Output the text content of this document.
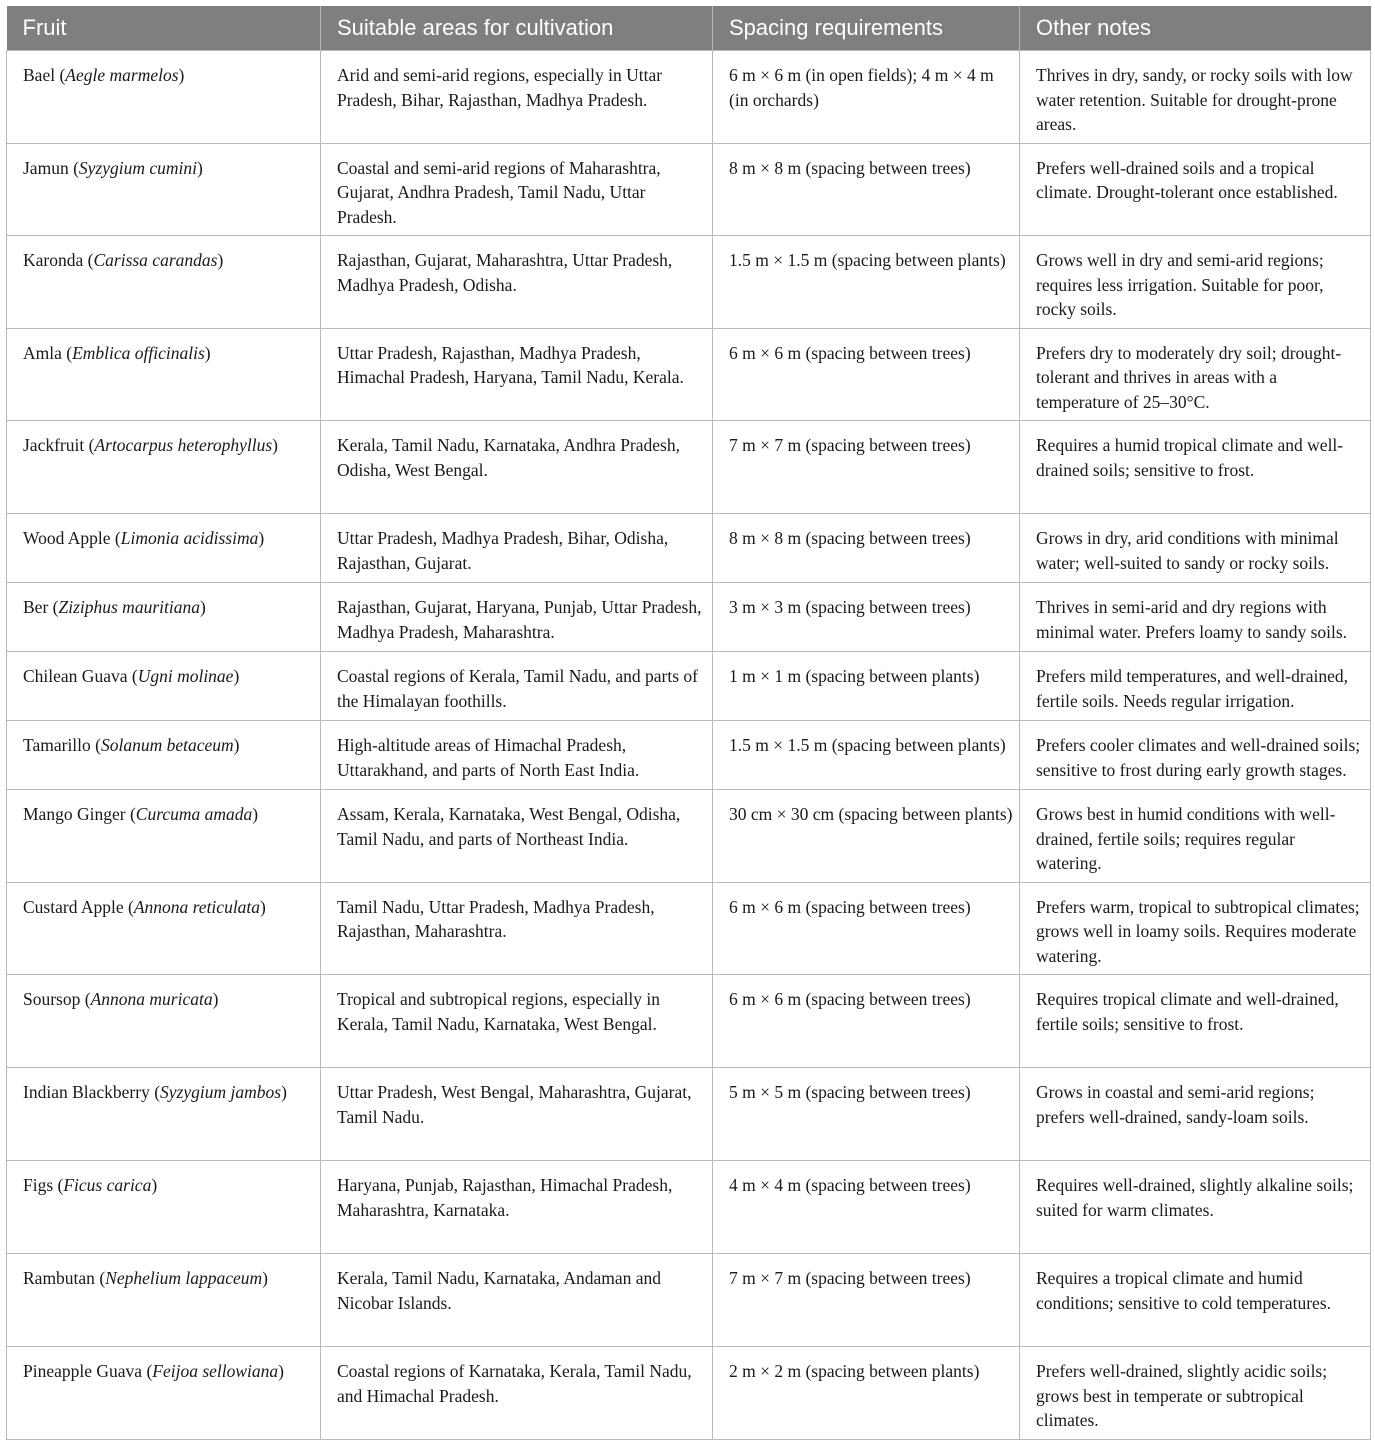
Fruit	Suitable areas for cultivation	Spacing requirements	Other notes
Bael (Aegle marmelos)	Arid and semi-arid regions, especially in Uttar Pradesh, Bihar, Rajasthan, Madhya Pradesh.	6 m × 6 m (in open fields); 4 m × 4 m (in orchards)	Thrives in dry, sandy, or rocky soils with low water retention. Suitable for drought-prone areas.
Jamun (Syzygium cumini)	Coastal and semi-arid regions of Maharashtra, Gujarat, Andhra Pradesh, Tamil Nadu, Uttar Pradesh.	8 m × 8 m (spacing between trees)	Prefers well-drained soils and a tropical climate. Drought-tolerant once established.
Karonda (Carissa carandas)	Rajasthan, Gujarat, Maharashtra, Uttar Pradesh, Madhya Pradesh, Odisha.	1.5 m × 1.5 m (spacing between plants)	Grows well in dry and semi-arid regions; requires less irrigation. Suitable for poor, rocky soils.
Amla (Emblica officinalis)	Uttar Pradesh, Rajasthan, Madhya Pradesh, Himachal Pradesh, Haryana, Tamil Nadu, Kerala.	6 m × 6 m (spacing between trees)	Prefers dry to moderately dry soil; drought-tolerant and thrives in areas with a temperature of 25–30°C.
Jackfruit (Artocarpus heterophyllus)	Kerala, Tamil Nadu, Karnataka, Andhra Pradesh, Odisha, West Bengal.	7 m × 7 m (spacing between trees)	Requires a humid tropical climate and well-drained soils; sensitive to frost.
Wood Apple (Limonia acidissima)	Uttar Pradesh, Madhya Pradesh, Bihar, Odisha, Rajasthan, Gujarat.	8 m × 8 m (spacing between trees)	Grows in dry, arid conditions with minimal water; well-suited to sandy or rocky soils.
Ber (Ziziphus mauritiana)	Rajasthan, Gujarat, Haryana, Punjab, Uttar Pradesh, Madhya Pradesh, Maharashtra.	3 m × 3 m (spacing between trees)	Thrives in semi-arid and dry regions with minimal water. Prefers loamy to sandy soils.
Chilean Guava (Ugni molinae)	Coastal regions of Kerala, Tamil Nadu, and parts of the Himalayan foothills.	1 m × 1 m (spacing between plants)	Prefers mild temperatures, and well-drained, fertile soils. Needs regular irrigation.
Tamarillo (Solanum betaceum)	High-altitude areas of Himachal Pradesh, Uttarakhand, and parts of North East India.	1.5 m × 1.5 m (spacing between plants)	Prefers cooler climates and well-drained soils; sensitive to frost during early growth stages.
Mango Ginger (Curcuma amada)	Assam, Kerala, Karnataka, West Bengal, Odisha, Tamil Nadu, and parts of Northeast India.	30 cm × 30 cm (spacing between plants)	Grows best in humid conditions with well-drained, fertile soils; requires regular watering.
Custard Apple (Annona reticulata)	Tamil Nadu, Uttar Pradesh, Madhya Pradesh, Rajasthan, Maharashtra.	6 m × 6 m (spacing between trees)	Prefers warm, tropical to subtropical climates; grows well in loamy soils. Requires moderate watering.
Soursop (Annona muricata)	Tropical and subtropical regions, especially in Kerala, Tamil Nadu, Karnataka, West Bengal.	6 m × 6 m (spacing between trees)	Requires tropical climate and well-drained, fertile soils; sensitive to frost.
Indian Blackberry (Syzygium jambos)	Uttar Pradesh, West Bengal, Maharashtra, Gujarat, Tamil Nadu.	5 m × 5 m (spacing between trees)	Grows in coastal and semi-arid regions; prefers well-drained, sandy-loam soils.
Figs (Ficus carica)	Haryana, Punjab, Rajasthan, Himachal Pradesh, Maharashtra, Karnataka.	4 m × 4 m (spacing between trees)	Requires well-drained, slightly alkaline soils; suited for warm climates.
Rambutan (Nephelium lappaceum)	Kerala, Tamil Nadu, Karnataka, Andaman and Nicobar Islands.	7 m × 7 m (spacing between trees)	Requires a tropical climate and humid conditions; sensitive to cold temperatures.
Pineapple Guava (Feijoa sellowiana)	Coastal regions of Karnataka, Kerala, Tamil Nadu, and Himachal Pradesh.	2 m × 2 m (spacing between plants)	Prefers well-drained, slightly acidic soils; grows best in temperate or subtropical climates.
